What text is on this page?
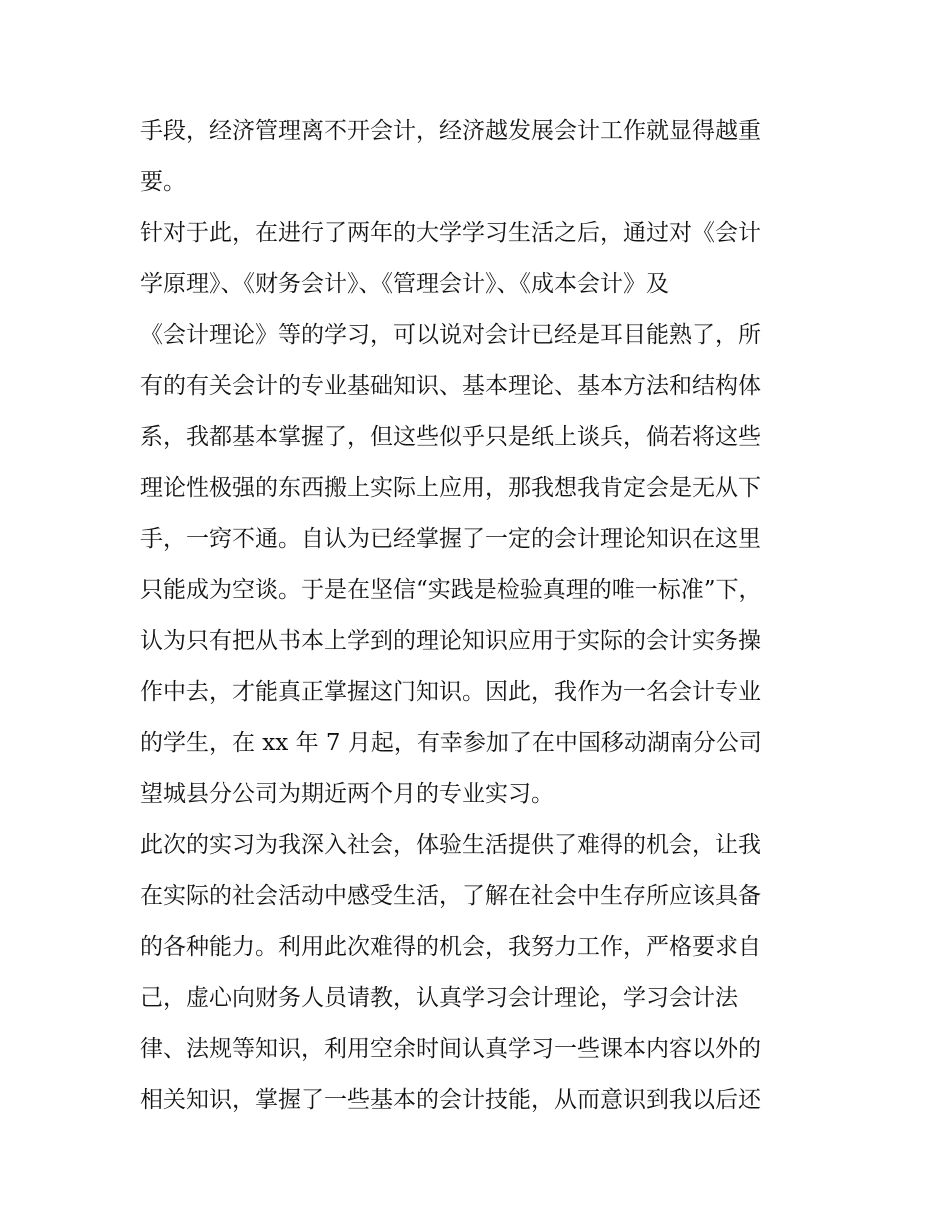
手段，经济管理离不开会计，经济越发展会计工作就显得越重
要。
针对于此，在进行了两年的大学学习生活之后，通过对《会计
学原理》、《财务会计》、《管理会计》、《成本会计》及
《会计理论》等的学习，可以说对会计已经是耳目能熟了，所
有的有关会计的专业基础知识、基本理论、基本方法和结构体
系，我都基本掌握了，但这些似乎只是纸上谈兵，倘若将这些
理论性极强的东西搬上实际上应用，那我想我肯定会是无从下
手，一窍不通。自认为已经掌握了一定的会计理论知识在这里
只能成为空谈。于是在坚信“实践是检验真理的唯一标准”下，
认为只有把从书本上学到的理论知识应用于实际的会计实务操
作中去，才能真正掌握这门知识。因此，我作为一名会计专业
的学生，在 xx 年 7 月起，有幸参加了在中国移动湖南分公司
望城县分公司为期近两个月的专业实习。
此次的实习为我深入社会，体验生活提供了难得的机会，让我
在实际的社会活动中感受生活，了解在社会中生存所应该具备
的各种能力。利用此次难得的机会，我努力工作，严格要求自
己，虚心向财务人员请教，认真学习会计理论，学习会计法
律、法规等知识，利用空余时间认真学习一些课本内容以外的
相关知识，掌握了一些基本的会计技能，从而意识到我以后还
